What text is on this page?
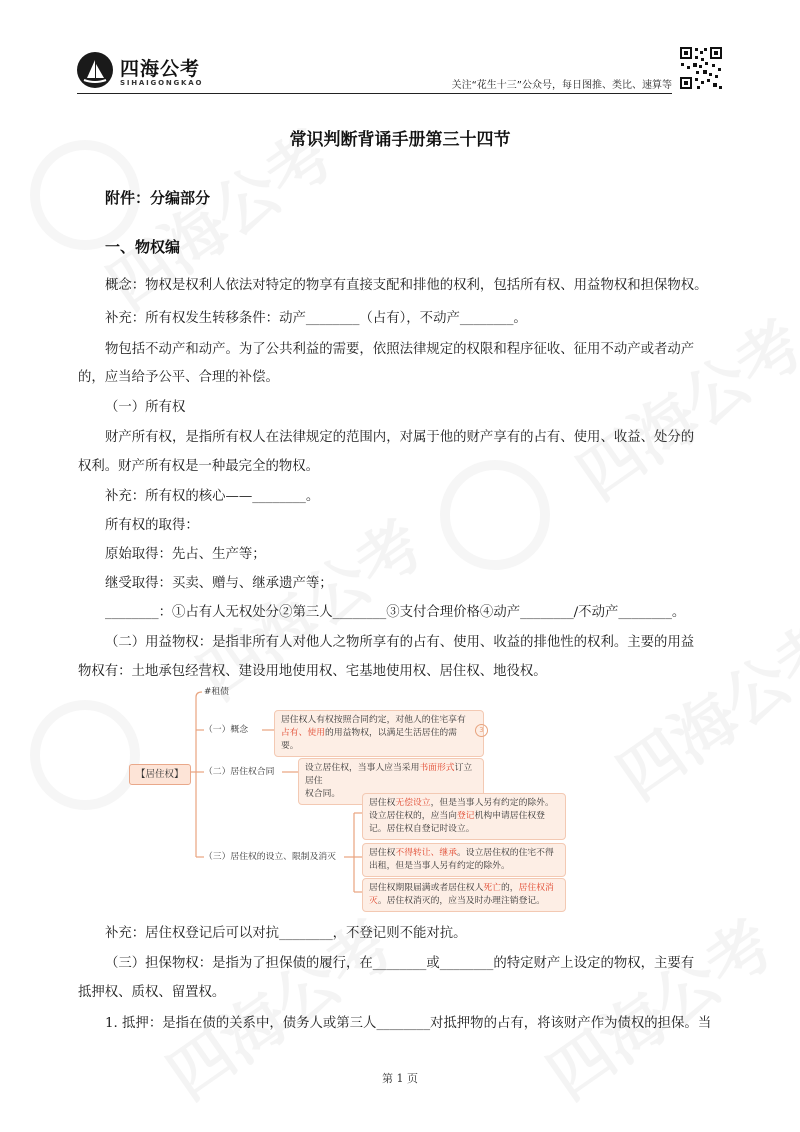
四海公考
SIHAIGONGKAO	关注“花生十三”公众号，每日图推、类比、速算等
常识判断背诵手册第三十四节
附件：分编部分
一、物权编
概念：物权是权利人依法对特定的物享有直接支配和排他的权利，包括所有权、用益物权和担保物权。
补充：所有权发生转移条件：动产________（占有），不动产________。
物包括不动产和动产。为了公共利益的需要，依照法律规定的权限和程序征收、征用不动产或者动产
的，应当给予公平、合理的补偿。
（一）所有权
财产所有权，是指所有权人在法律规定的范围内，对属于他的财产享有的占有、使用、收益、处分的
权利。财产所有权是一种最完全的物权。
补充：所有权的核心——________。
所有权的取得：
原始取得：先占、生产等；
继受取得：买卖、赠与、继承遗产等；
________：①占有人无权处分②第三人________③支付合理价格④动产________/不动产________。
（二）用益物权：是指非所有人对他人之物所享有的占有、使用、收益的排他性的权利。主要的用益
物权有：土地承包经营权、建设用地使用权、宅基地使用权、居住权、地役权。
【居住权】
#租债
（一）概念
（二）居住权合同
（三）居住权的设立、限制及消灭
居住权人有权按照合同约定，对他人的住宅享有
占有、使用的用益物权，以满足生活居住的需
要。
3
设立居住权，当事人应当采用书面形式订立居住
权合同。
居住权无偿设立，但是当事人另有约定的除外。
设立居住权的，应当向登记机构申请居住权登
记。居住权自登记时设立。
居住权不得转让、继承。设立居住权的住宅不得
出租，但是当事人另有约定的除外。
居住权期限届满或者居住权人死亡的，居住权消
灭。居住权消灭的，应当及时办理注销登记。
补充：居住权登记后可以对抗________，不登记则不能对抗。
（三）担保物权：是指为了担保债的履行，在________或________的特定财产上设定的物权，主要有
抵押权、质权、留置权。
1. 抵押：是指在债的关系中，债务人或第三人________对抵押物的占有，将该财产作为债权的担保。当
第 1 页
